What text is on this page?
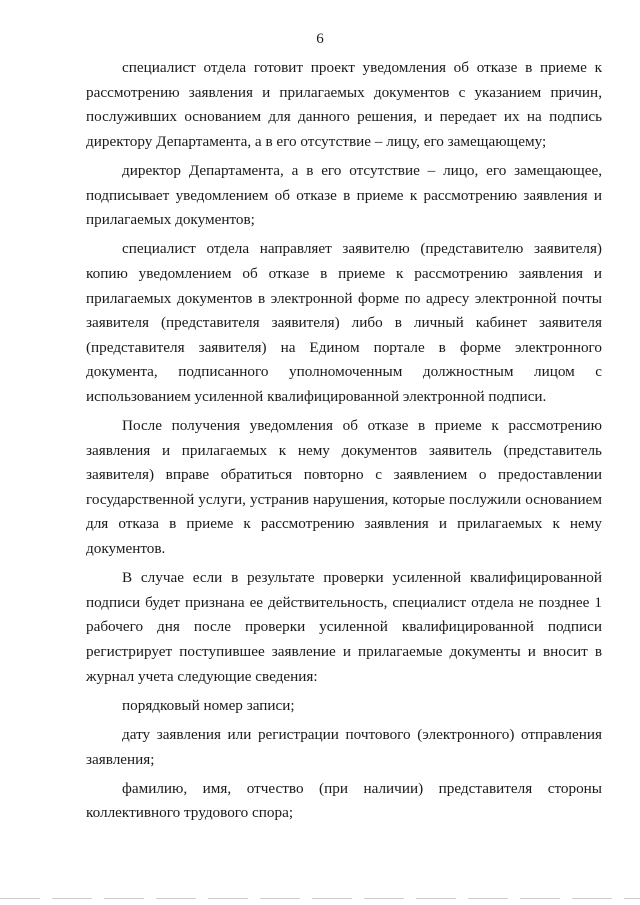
6

специалист отдела готовит проект уведомления об отказе в приеме к рассмотрению заявления и прилагаемых документов с указанием причин, послуживших основанием для данного решения, и передает их на подпись директору Департамента, а в его отсутствие – лицу, его замещающему;

директор Департамента, а в его отсутствие – лицо, его замещающее, подписывает уведомлением об отказе в приеме к рассмотрению заявления и прилагаемых документов;

специалист отдела направляет заявителю (представителю заявителя) копию уведомлением об отказе в приеме к рассмотрению заявления и прилагаемых документов в электронной форме по адресу электронной почты заявителя (представителя заявителя) либо в личный кабинет заявителя (представителя заявителя) на Едином портале в форме электронного документа, подписанного уполномоченным должностным лицом с использованием усиленной квалифицированной электронной подписи.

После получения уведомления об отказе в приеме к рассмотрению заявления и прилагаемых к нему документов заявитель (представитель заявителя) вправе обратиться повторно с заявлением о предоставлении государственной услуги, устранив нарушения, которые послужили основанием для отказа в приеме к рассмотрению заявления и прилагаемых к нему документов.

В случае если в результате проверки усиленной квалифицированной подписи будет признана ее действительность, специалист отдела не позднее 1 рабочего дня после проверки усиленной квалифицированной подписи регистрирует поступившее заявление и прилагаемые документы и вносит в журнал учета следующие сведения:

порядковый номер записи;

дату заявления или регистрации почтового (электронного) отправления заявления;

фамилию, имя, отчество (при наличии) представителя стороны коллективного трудового спора;
